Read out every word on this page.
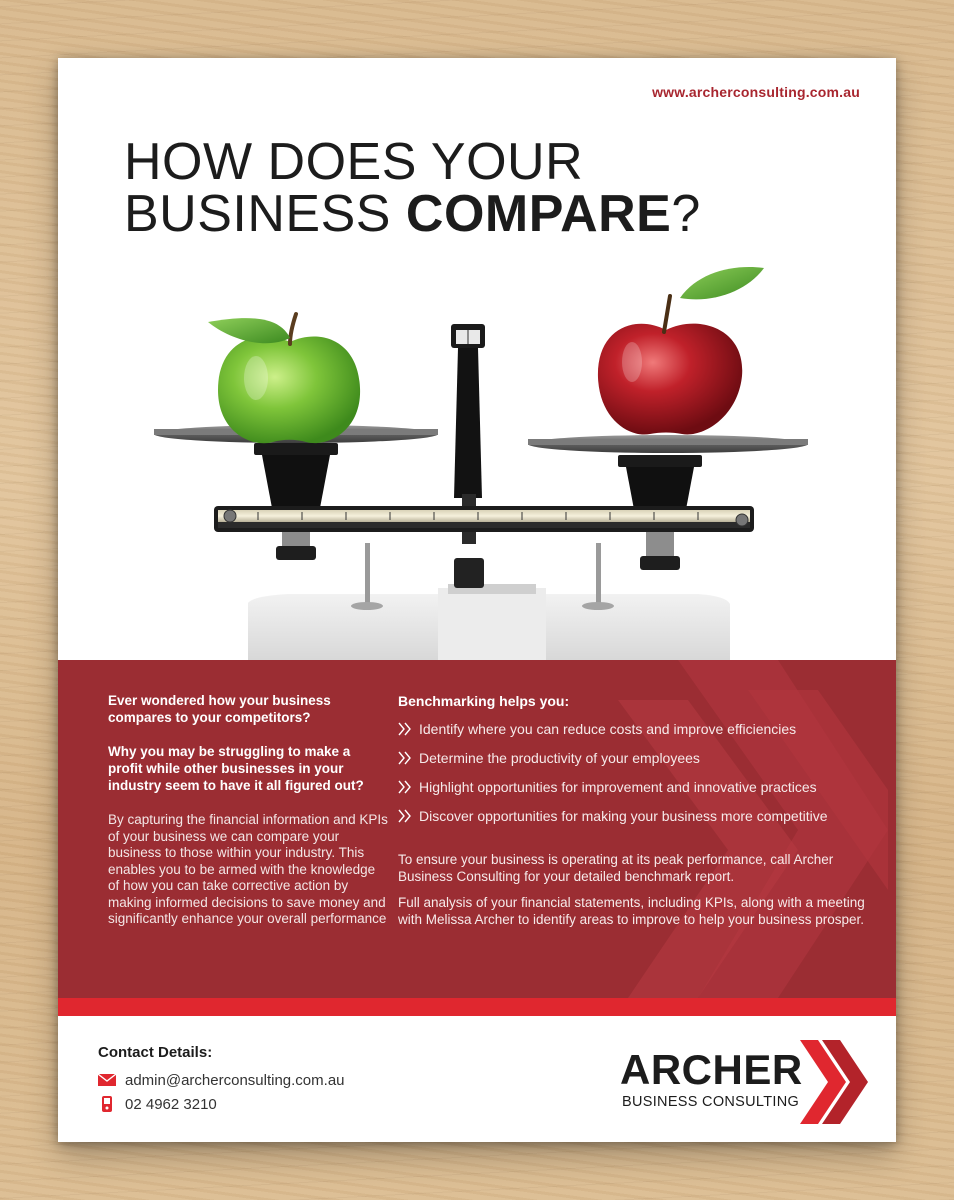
www.archerconsulting.com.au
HOW DOES YOUR
BUSINESS COMPARE?

Ever wondered how your business compares to your competitors?

Why you may be struggling to make a profit while other businesses in your industry seem to have it all figured out?

By capturing the financial information and KPIs of your business we can compare your business to those within your industry. This enables you to be armed with the knowledge of how you can take corrective action by making informed decisions to save money and significantly enhance your overall performance

Benchmarking helps you:
Identify where you can reduce costs and improve efficiencies
Determine the productivity of your employees
Highlight opportunities for improvement and innovative practices
Discover opportunities for making your business more competitive

To ensure your business is operating at its peak performance, call Archer Business Consulting for your detailed benchmark report.

Full analysis of your financial statements, including KPIs, along with a meeting with Melissa Archer to identify areas to improve to help your business prosper.

Contact Details:
admin@archerconsulting.com.au
02 4962 3210
ARCHER
BUSINESS CONSULTING
